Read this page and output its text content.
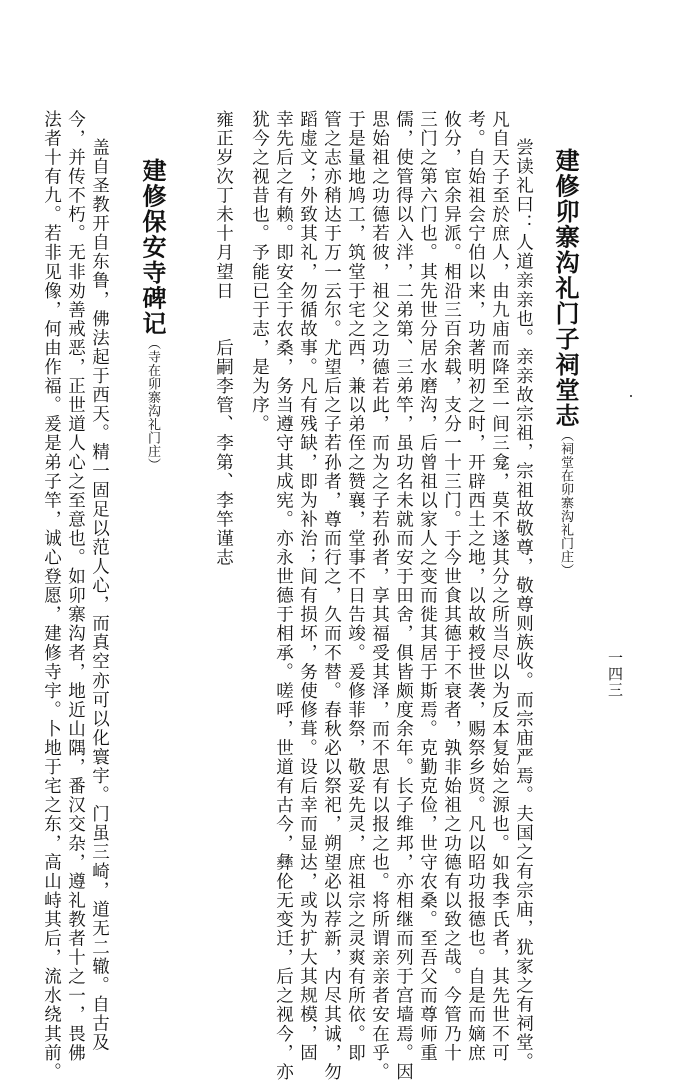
一四三
建修卯寨沟礼门子祠堂志（祠堂在卯寨沟礼门庄）
尝读礼曰：人道亲亲也。亲亲故宗祖，宗祖故敬尊，敬尊则族收。而宗庙严焉。夫国之有宗庙，犹家之有祠堂。
凡自天子至於庶人，由九庙而降至一间三龛，莫不遂其分之所当尽以为反本复始之源也。如我李氏者，其先世不可
考。自始祖会宁伯以来，功著明初之时，开辟西土之地，以故敕授世袭，赐祭乡贤。凡以昭功报德也。自是而嫡庶
攸分，宦余异派。相沿三百余载，支分一十三门。于今世食其德于不衰者，孰非始祖之功德有以致之哉。今管乃十
三门之第六门也。其先世分居水磨沟，后曾祖以家人之变而徙其居于斯焉。克勤克俭，世守农桑。至吾父而尊师重
儒，使管得以入泮，二弟第、三弟竿，虽功名未就而安于田舍，俱皆颇度余年。长子维邦，亦相继而列于宫墙焉。因
思始祖之功德若彼，祖父之功德若此，而为之子若孙者，享其福受其泽，而不思有以报之也。将所谓亲亲者安在乎。
于是量地鸠工，筑堂于宅之西，兼以弟侄之赞襄，堂事不日告竣。爰修菲祭，敬妥先灵，庶祖宗之灵爽有所依。即
管之志亦稍达于万一云尔。尤望后之子若孙者，尊而行之，久而不替。春秋必以祭祀，朔望必以荐新，内尽其诚，勿
蹈虚文；外致其礼，勿循故事。凡有残缺，即为补治；间有损坏，务使修葺。设后幸而显达，或为扩大其规模，固
幸先后之有赖。即安全于农桑，务当遵守其成宪。亦永世德于相承。嗟呼，世道有古今，彝伦无变迁，后之视今，亦
犹今之视昔也。予能已于志，是为序。
雍正岁次丁未十月望日　　后嗣李管、李第、李竿谨志
建修保安寺碑记（寺在卯寨沟礼门庄）
盖自圣教开自东鲁，佛法起于西天。精一固足以范人心，而真空亦可以化寰宇。门虽三崎，道无二辙。自古及
今，并传不朽。无非劝善戒恶，正世道人心之至意也。如卯寨沟者，地近山隅，番汉交杂，遵礼教者十之一，畏佛
法者十有九。若非见像，何由作福。爰是弟子竿，诚心登愿，建修寺宇。卜地于宅之东，高山峙其后，流水绕其前。
